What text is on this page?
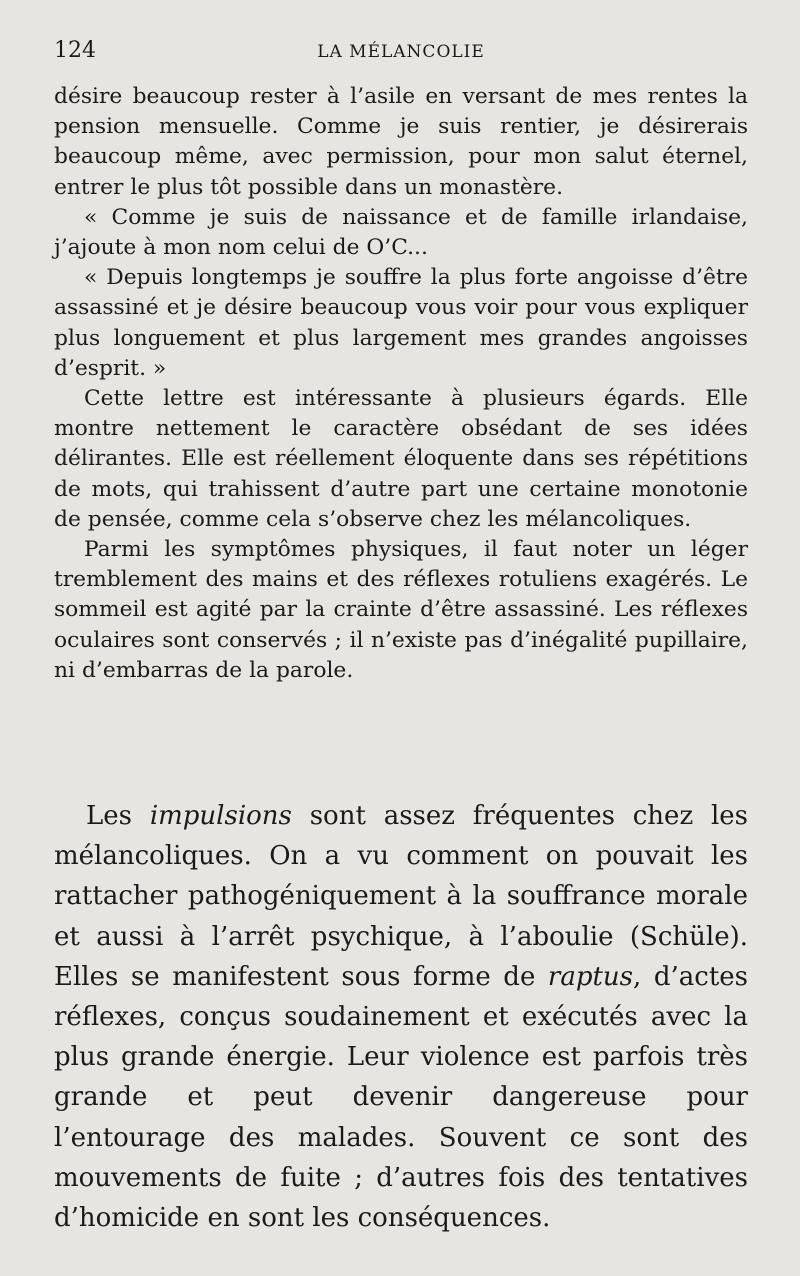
124	LA MÉLANCOLIE

désire beaucoup rester à l’asile en versant de mes rentes la pension mensuelle. Comme je suis rentier, je désirerais beaucoup même, avec permission, pour mon salut éternel, entrer le plus tôt possible dans un monastère.

« Comme je suis de naissance et de famille irlandaise, j’ajoute à mon nom celui de O’C...

« Depuis longtemps je souffre la plus forte angoisse d’être assassiné et je désire beaucoup vous voir pour vous expliquer plus longuement et plus largement mes grandes angoisses d’esprit. »

Cette lettre est intéressante à plusieurs égards. Elle montre nettement le caractère obsédant de ses idées délirantes. Elle est réellement éloquente dans ses répétitions de mots, qui trahissent d’autre part une certaine monotonie de pensée, comme cela s’observe chez les mélancoliques.

Parmi les symptômes physiques, il faut noter un léger tremblement des mains et des réflexes rotuliens exagérés. Le sommeil est agité par la crainte d’être assassiné. Les réflexes oculaires sont conservés ; il n’existe pas d’inégalité pupillaire, ni d’embarras de la parole.

Les impulsions sont assez fréquentes chez les mélancoliques. On a vu comment on pouvait les rattacher pathogéniquement à la souffrance morale et aussi à l’arrêt psychique, à l’aboulie (Schüle). Elles se manifestent sous forme de raptus, d’actes réflexes, conçus soudainement et exécutés avec la plus grande énergie. Leur violence est parfois très grande et peut devenir dangereuse pour l’entourage des malades. Souvent ce sont des mouvements de fuite ; d’autres fois des tentatives d’homicide en sont les conséquences.
